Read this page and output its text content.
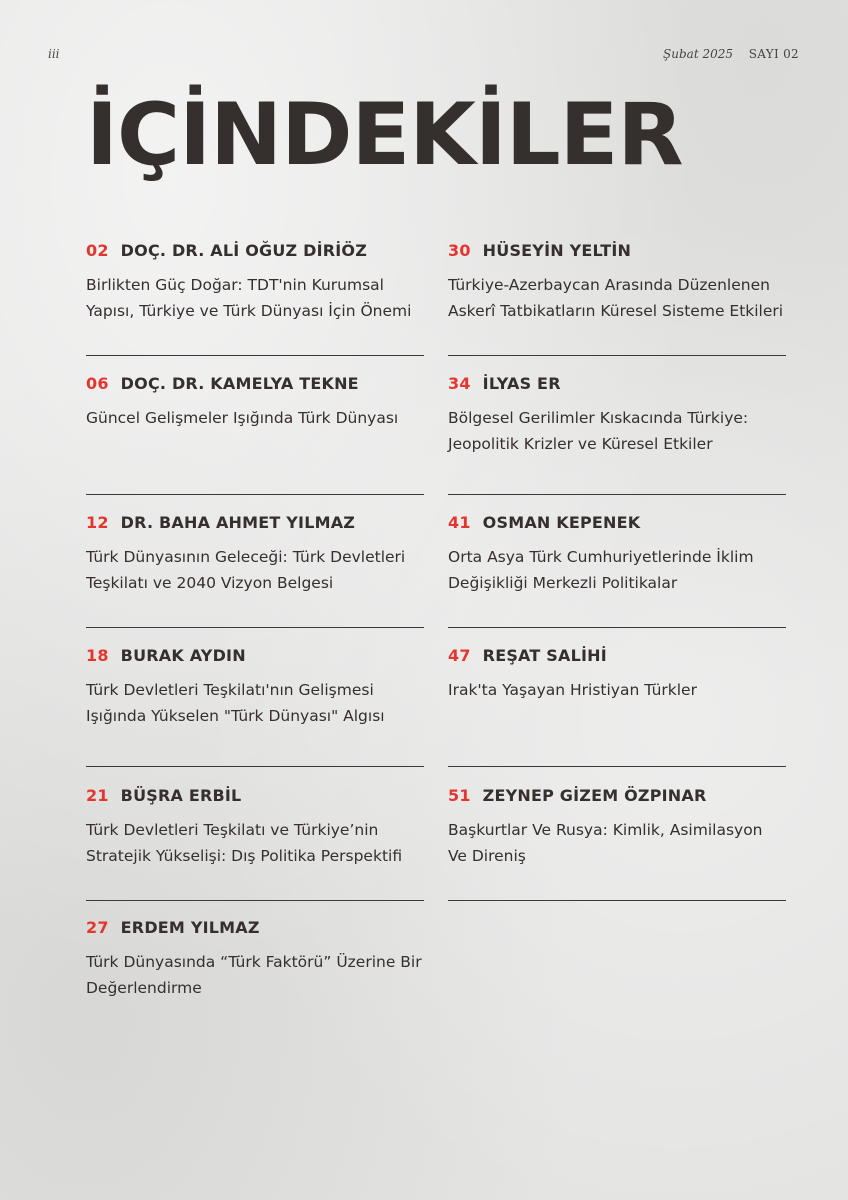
iii	Şubat 2025 SAYI 02
İÇİNDEKİLER
02 DOÇ. DR. ALİ OĞUZ DİRİÖZ
Birlikten Güç Doğar: TDT'nin Kurumsal Yapısı, Türkiye ve Türk Dünyası İçin Önemi
30 HÜSEYİN YELTİN
Türkiye-Azerbaycan Arasında Düzenlenen Askerî Tatbikatların Küresel Sisteme Etkileri
06 DOÇ. DR. KAMELYA TEKNE
Güncel Gelişmeler Işığında Türk Dünyası
34 İLYAS ER
Bölgesel Gerilimler Kıskacında Türkiye: Jeopolitik Krizler ve Küresel Etkiler
12 DR. BAHA AHMET YILMAZ
Türk Dünyasının Geleceği: Türk Devletleri Teşkilatı ve 2040 Vizyon Belgesi
41 OSMAN KEPENEK
Orta Asya Türk Cumhuriyetlerinde İklim Değişikliği Merkezli Politikalar
18 BURAK AYDIN
Türk Devletleri Teşkilatı'nın Gelişmesi Işığında Yükselen "Türk Dünyası" Algısı
47 REŞAT SALİHİ
Irak'ta Yaşayan Hristiyan Türkler
21 BÜŞRA ERBİL
Türk Devletleri Teşkilatı ve Türkiye’nin Stratejik Yükselişi: Dış Politika Perspektifi
51 ZEYNEP GİZEM ÖZPINAR
Başkurtlar Ve Rusya: Kimlik, Asimilasyon Ve Direniş
27 ERDEM YILMAZ
Türk Dünyasında “Türk Faktörü” Üzerine Bir Değerlendirme
